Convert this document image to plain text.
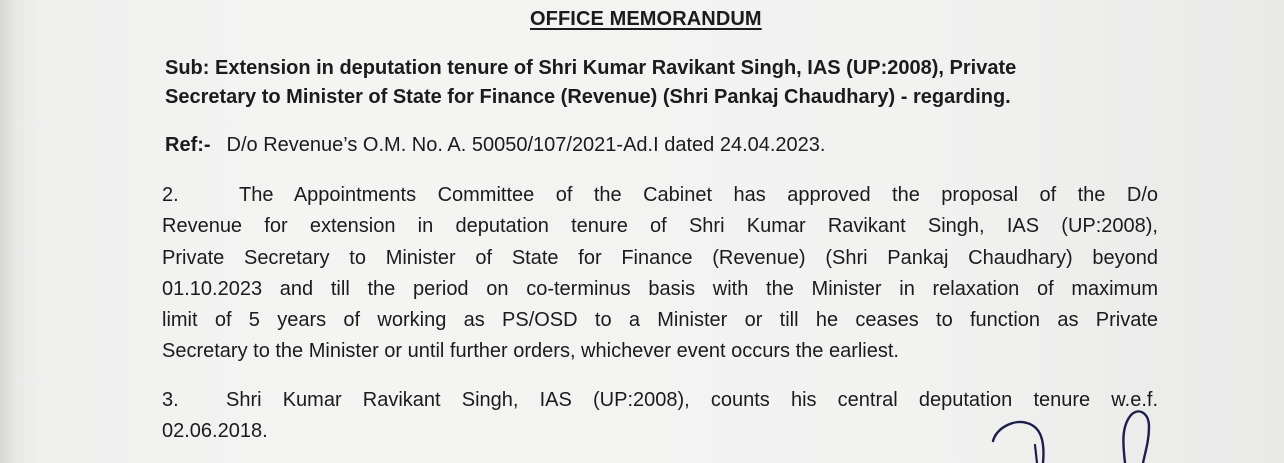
OFFICE MEMORANDUM
Sub: Extension in deputation tenure of Shri Kumar Ravikant Singh, IAS (UP:2008), Private
Secretary to Minister of State for Finance (Revenue) (Shri Pankaj Chaudhary) - regarding.
Ref:- D/o Revenue’s O.M. No. A. 50050/107/2021-Ad.I dated 24.04.2023.
2.	The Appointments Committee of the Cabinet has approved the proposal of the D/o
Revenue for extension in deputation tenure of Shri Kumar Ravikant Singh, IAS (UP:2008),
Private Secretary to Minister of State for Finance (Revenue) (Shri Pankaj Chaudhary) beyond
01.10.2023 and till the period on co-terminus basis with the Minister in relaxation of maximum
limit of 5 years of working as PS/OSD to a Minister or till he ceases to function as Private
Secretary to the Minister or until further orders, whichever event occurs the earliest.
3. Shri Kumar Ravikant Singh, IAS (UP:2008), counts his central deputation tenure w.e.f.
02.06.2018.
